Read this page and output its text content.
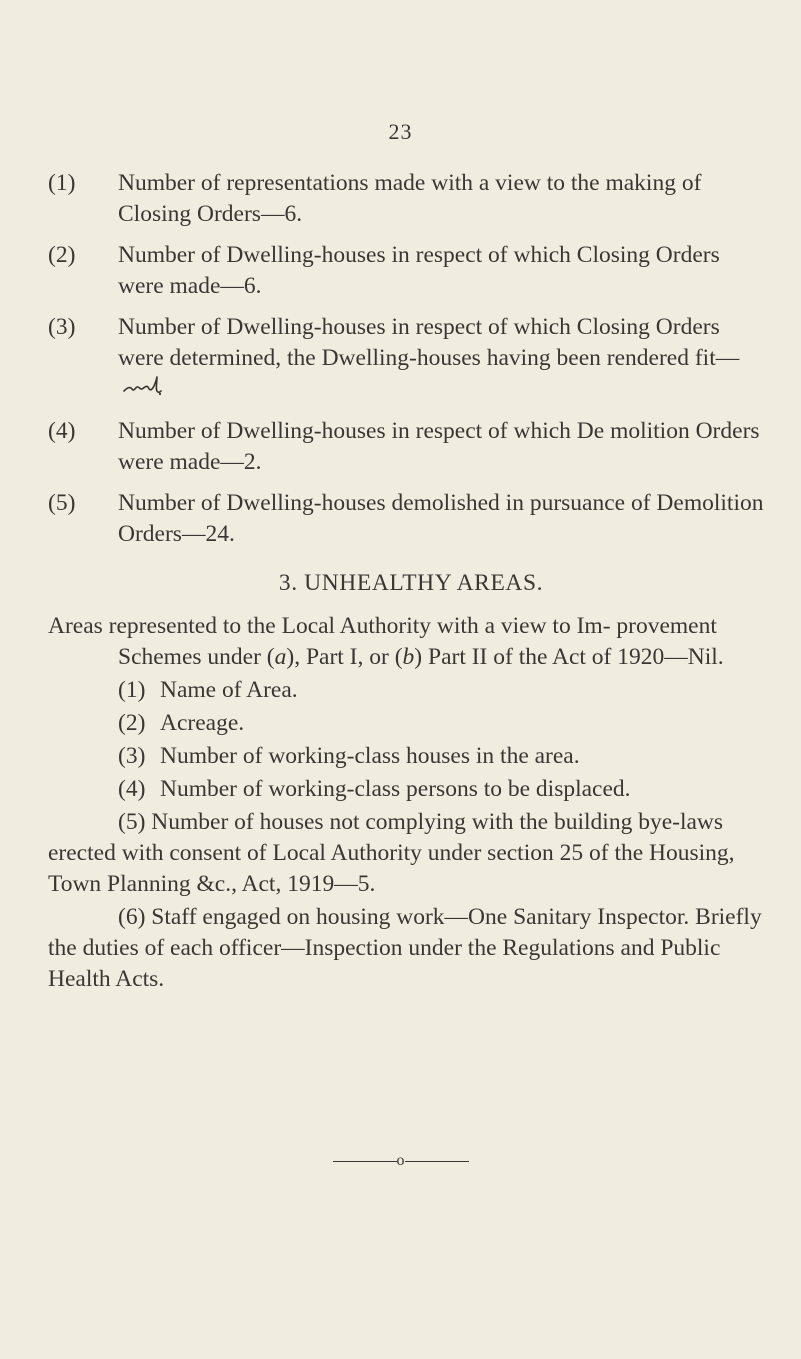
23
(1) Number of representations made with a view to the making of Closing Orders—6.
(2) Number of Dwelling-houses in respect of which Closing Orders were made—6.
(3) Number of Dwelling-houses in respect of which Closing Orders were determined, the Dwelling-houses having been rendered fit—
(4) Number of Dwelling-houses in respect of which De molition Orders were made—2.
(5) Number of Dwelling-houses demolished in pursuance of Demolition Orders—24.
3. UNHEALTHY AREAS.
Areas represented to the Local Authority with a view to Im- provement Schemes under (a), Part I, or (b) Part II of the Act of 1920—Nil.
(1) Name of Area.
(2) Acreage.
(3) Number of working-class houses in the area.
(4) Number of working-class persons to be displaced.

(5) Number of houses not complying with the building bye-laws erected with consent of Local Authority under section 25 of the Housing, Town Planning &c., Act, 1919—5.

(6) Staff engaged on housing work—One Sanitary Inspector. Briefly the duties of each officer—Inspection under the Regulations and Public Health Acts.

o
